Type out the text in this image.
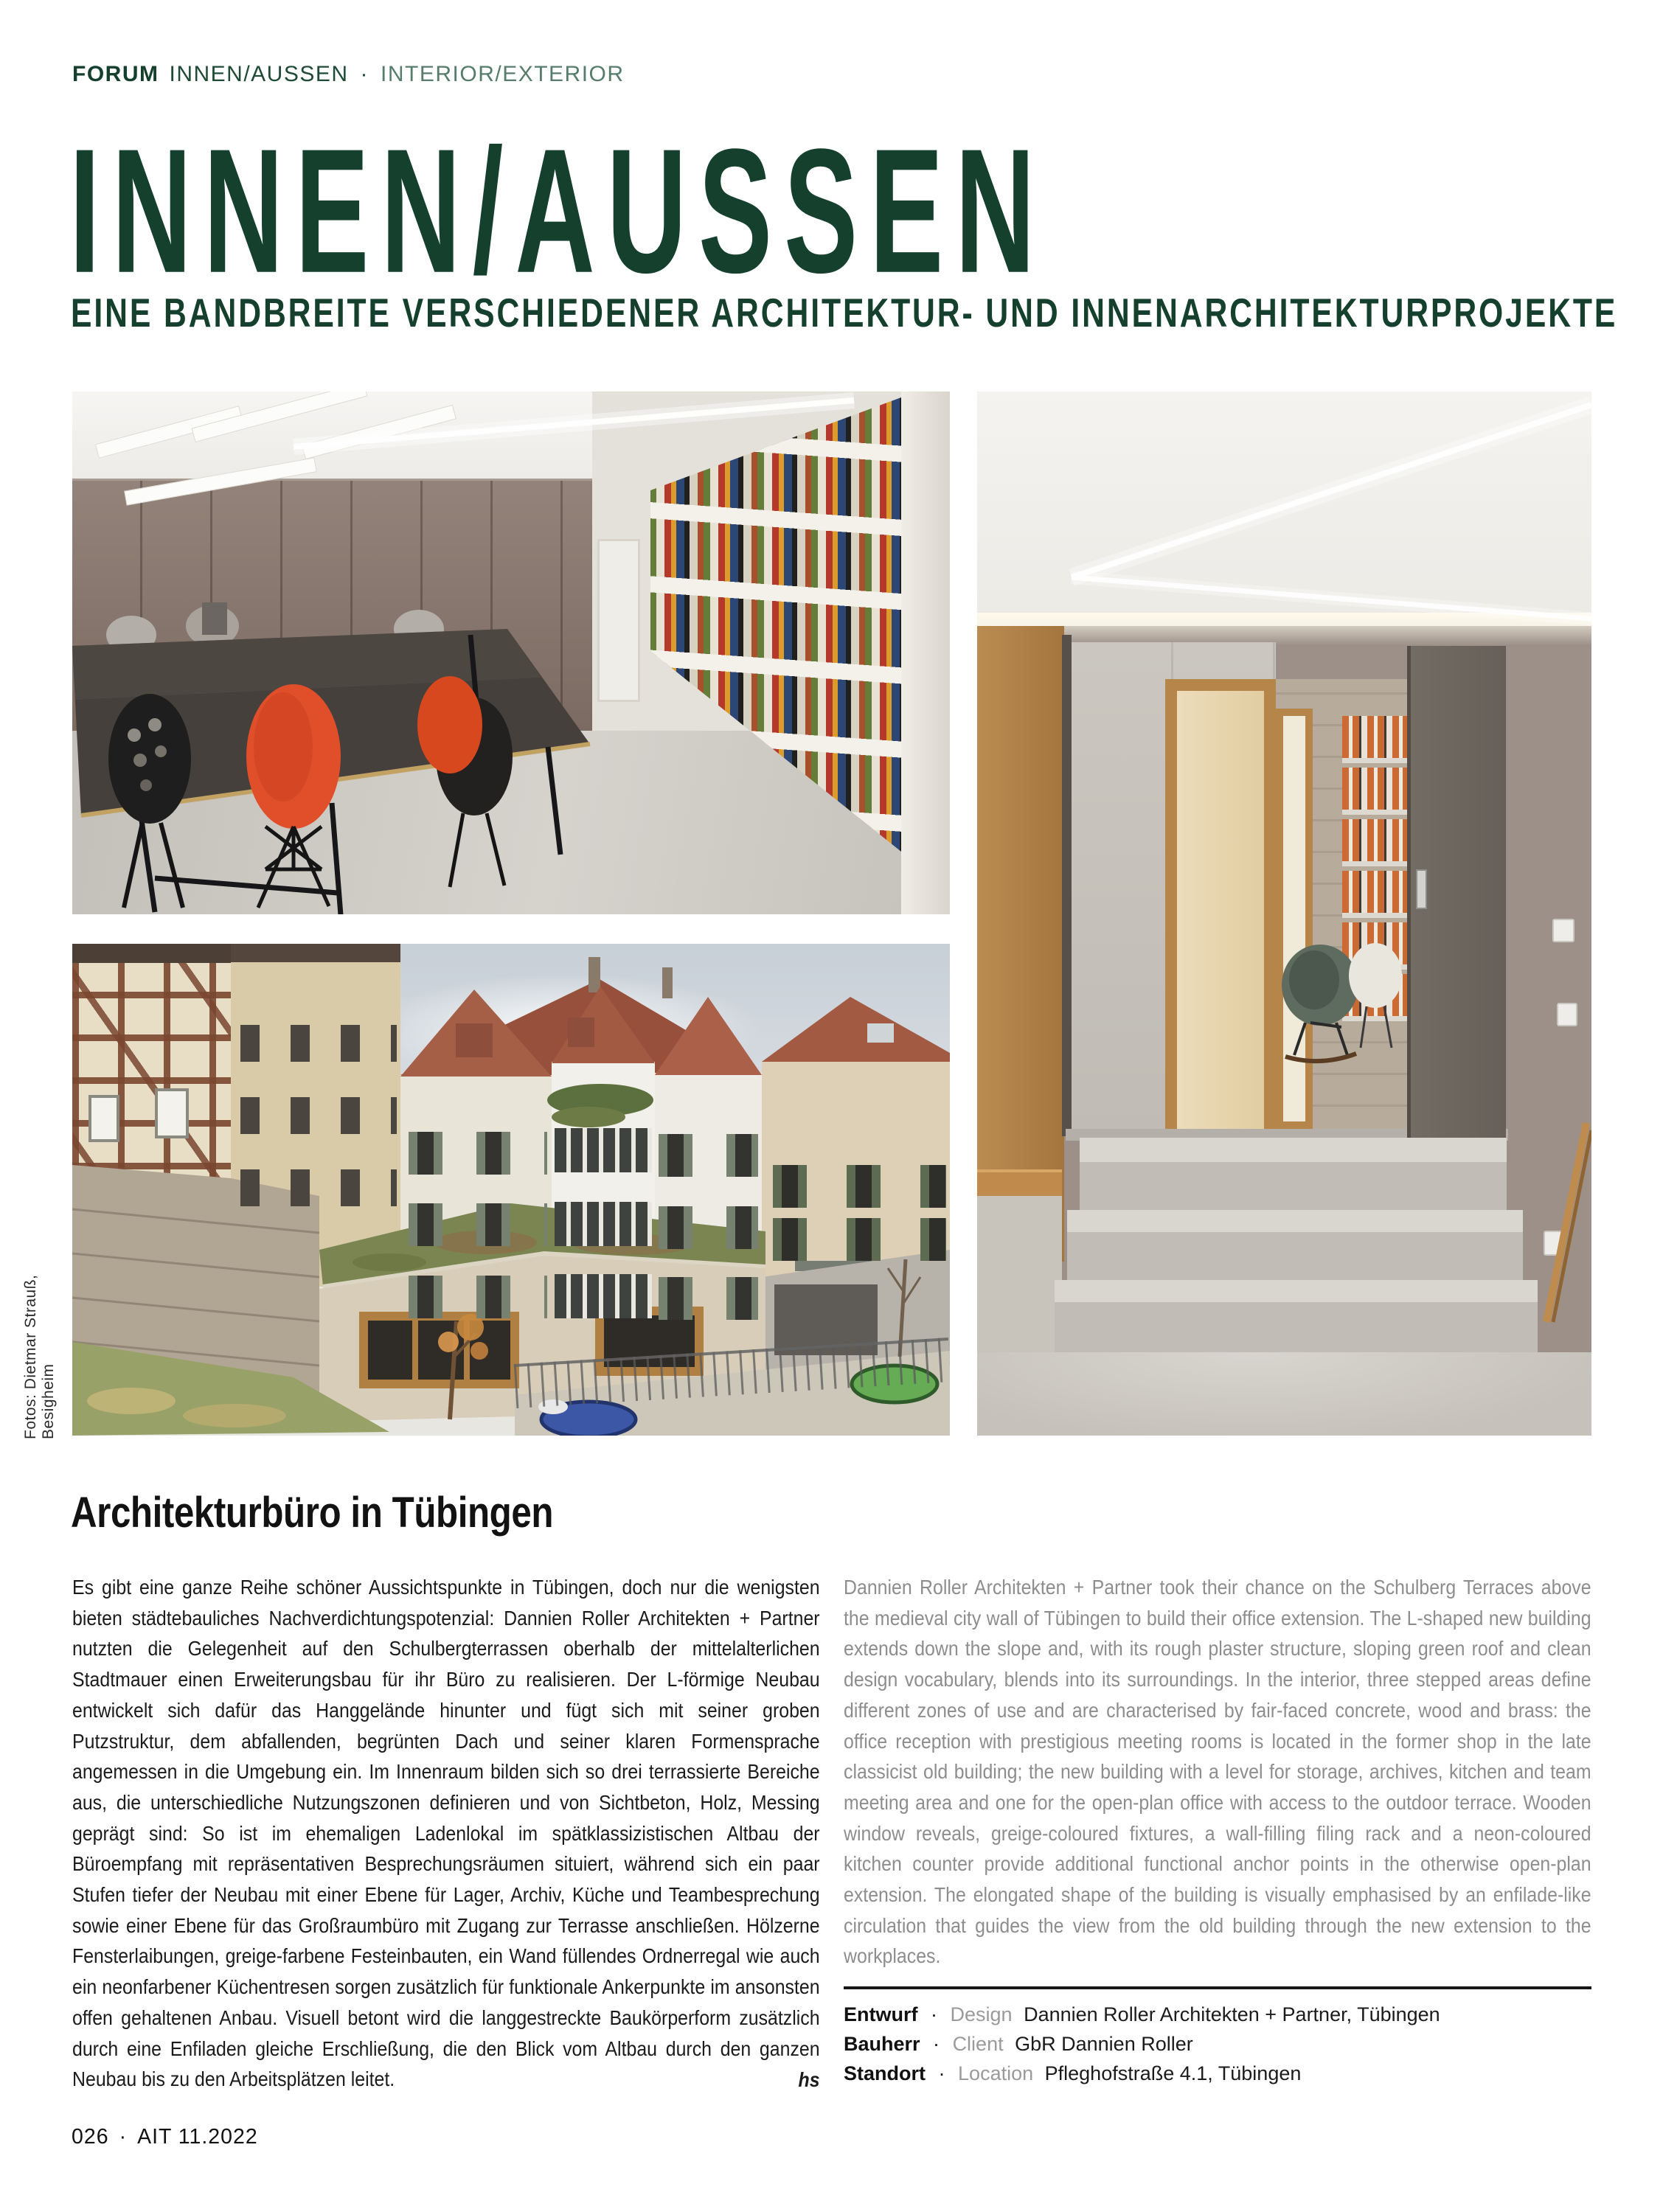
FORUM INNEN/AUSSEN · INTERIOR/EXTERIOR
INNEN/AUSSEN
EINE BANDBREITE VERSCHIEDENER ARCHITEKTUR- UND INNENARCHITEKTURPROJEKTE
Fotos: Dietmar Strauß, Besigheim
Architekturbüro in Tübingen
Es gibt eine ganze Reihe schöner Aussichtspunkte in Tübingen, doch nur die wenigsten bieten städtebauliches Nachverdichtungspotenzial: Dannien Roller Architekten + Partner nutzten die Gelegenheit auf den Schulbergterrassen oberhalb der mittelalterlichen Stadtmauer einen Erweiterungsbau für ihr Büro zu realisieren. Der L-förmige Neubau entwickelt sich dafür das Hanggelände hinunter und fügt sich mit seiner groben Putzstruktur, dem abfallenden, begrünten Dach und seiner klaren Formensprache angemessen in die Umgebung ein. Im Innenraum bilden sich so drei terrassierte Bereiche aus, die unterschiedliche Nutzungszonen definieren und von Sichtbeton, Holz, Messing geprägt sind: So ist im ehemaligen Ladenlokal im spätklassizistischen Altbau der Büroempfang mit repräsentativen Besprechungsräumen situiert, während sich ein paar Stufen tiefer der Neubau mit einer Ebene für Lager, Archiv, Küche und Teambesprechung sowie einer Ebene für das Großraumbüro mit Zugang zur Terrasse anschließen. Hölzerne Fensterlaibungen, greige-farbene Festeinbauten, ein Wand füllendes Ordnerregal wie auch ein neonfarbener Küchentresen sorgen zusätzlich für funktionale Ankerpunkte im ansonsten offen gehaltenen Anbau. Visuell betont wird die langgestreckte Baukörperform zusätzlich durch eine Enfiladen gleiche Erschließung, die den Blick vom Altbau durch den ganzen Neubau bis zu den Arbeitsplätzen leitet.	hs
Dannien Roller Architekten + Partner took their chance on the Schulberg Terraces above the medieval city wall of Tübingen to build their office extension. The L-shaped new building extends down the slope and, with its rough plaster structure, sloping green roof and clean design vocabulary, blends into its surroundings. In the interior, three stepped areas define different zones of use and are characterised by fair-faced concrete, wood and brass: the office reception with prestigious meeting rooms is located in the former shop in the late classicist old building; the new building with a level for storage, archives, kitchen and team meeting area and one for the open-plan office with access to the outdoor terrace. Wooden window reveals, greige-coloured fixtures, a wall-filling filing rack and a neon-coloured kitchen counter provide additional functional anchor points in the otherwise open-plan extension. The elongated shape of the building is visually emphasised by an enfilade-like circulation that guides the view from the old building through the new extension to the workplaces.
Entwurf · Design Dannien Roller Architekten + Partner, Tübingen
Bauherr · Client GbR Dannien Roller
Standort · Location Pfleghofstraße 4.1, Tübingen
026 · AIT 11.2022
